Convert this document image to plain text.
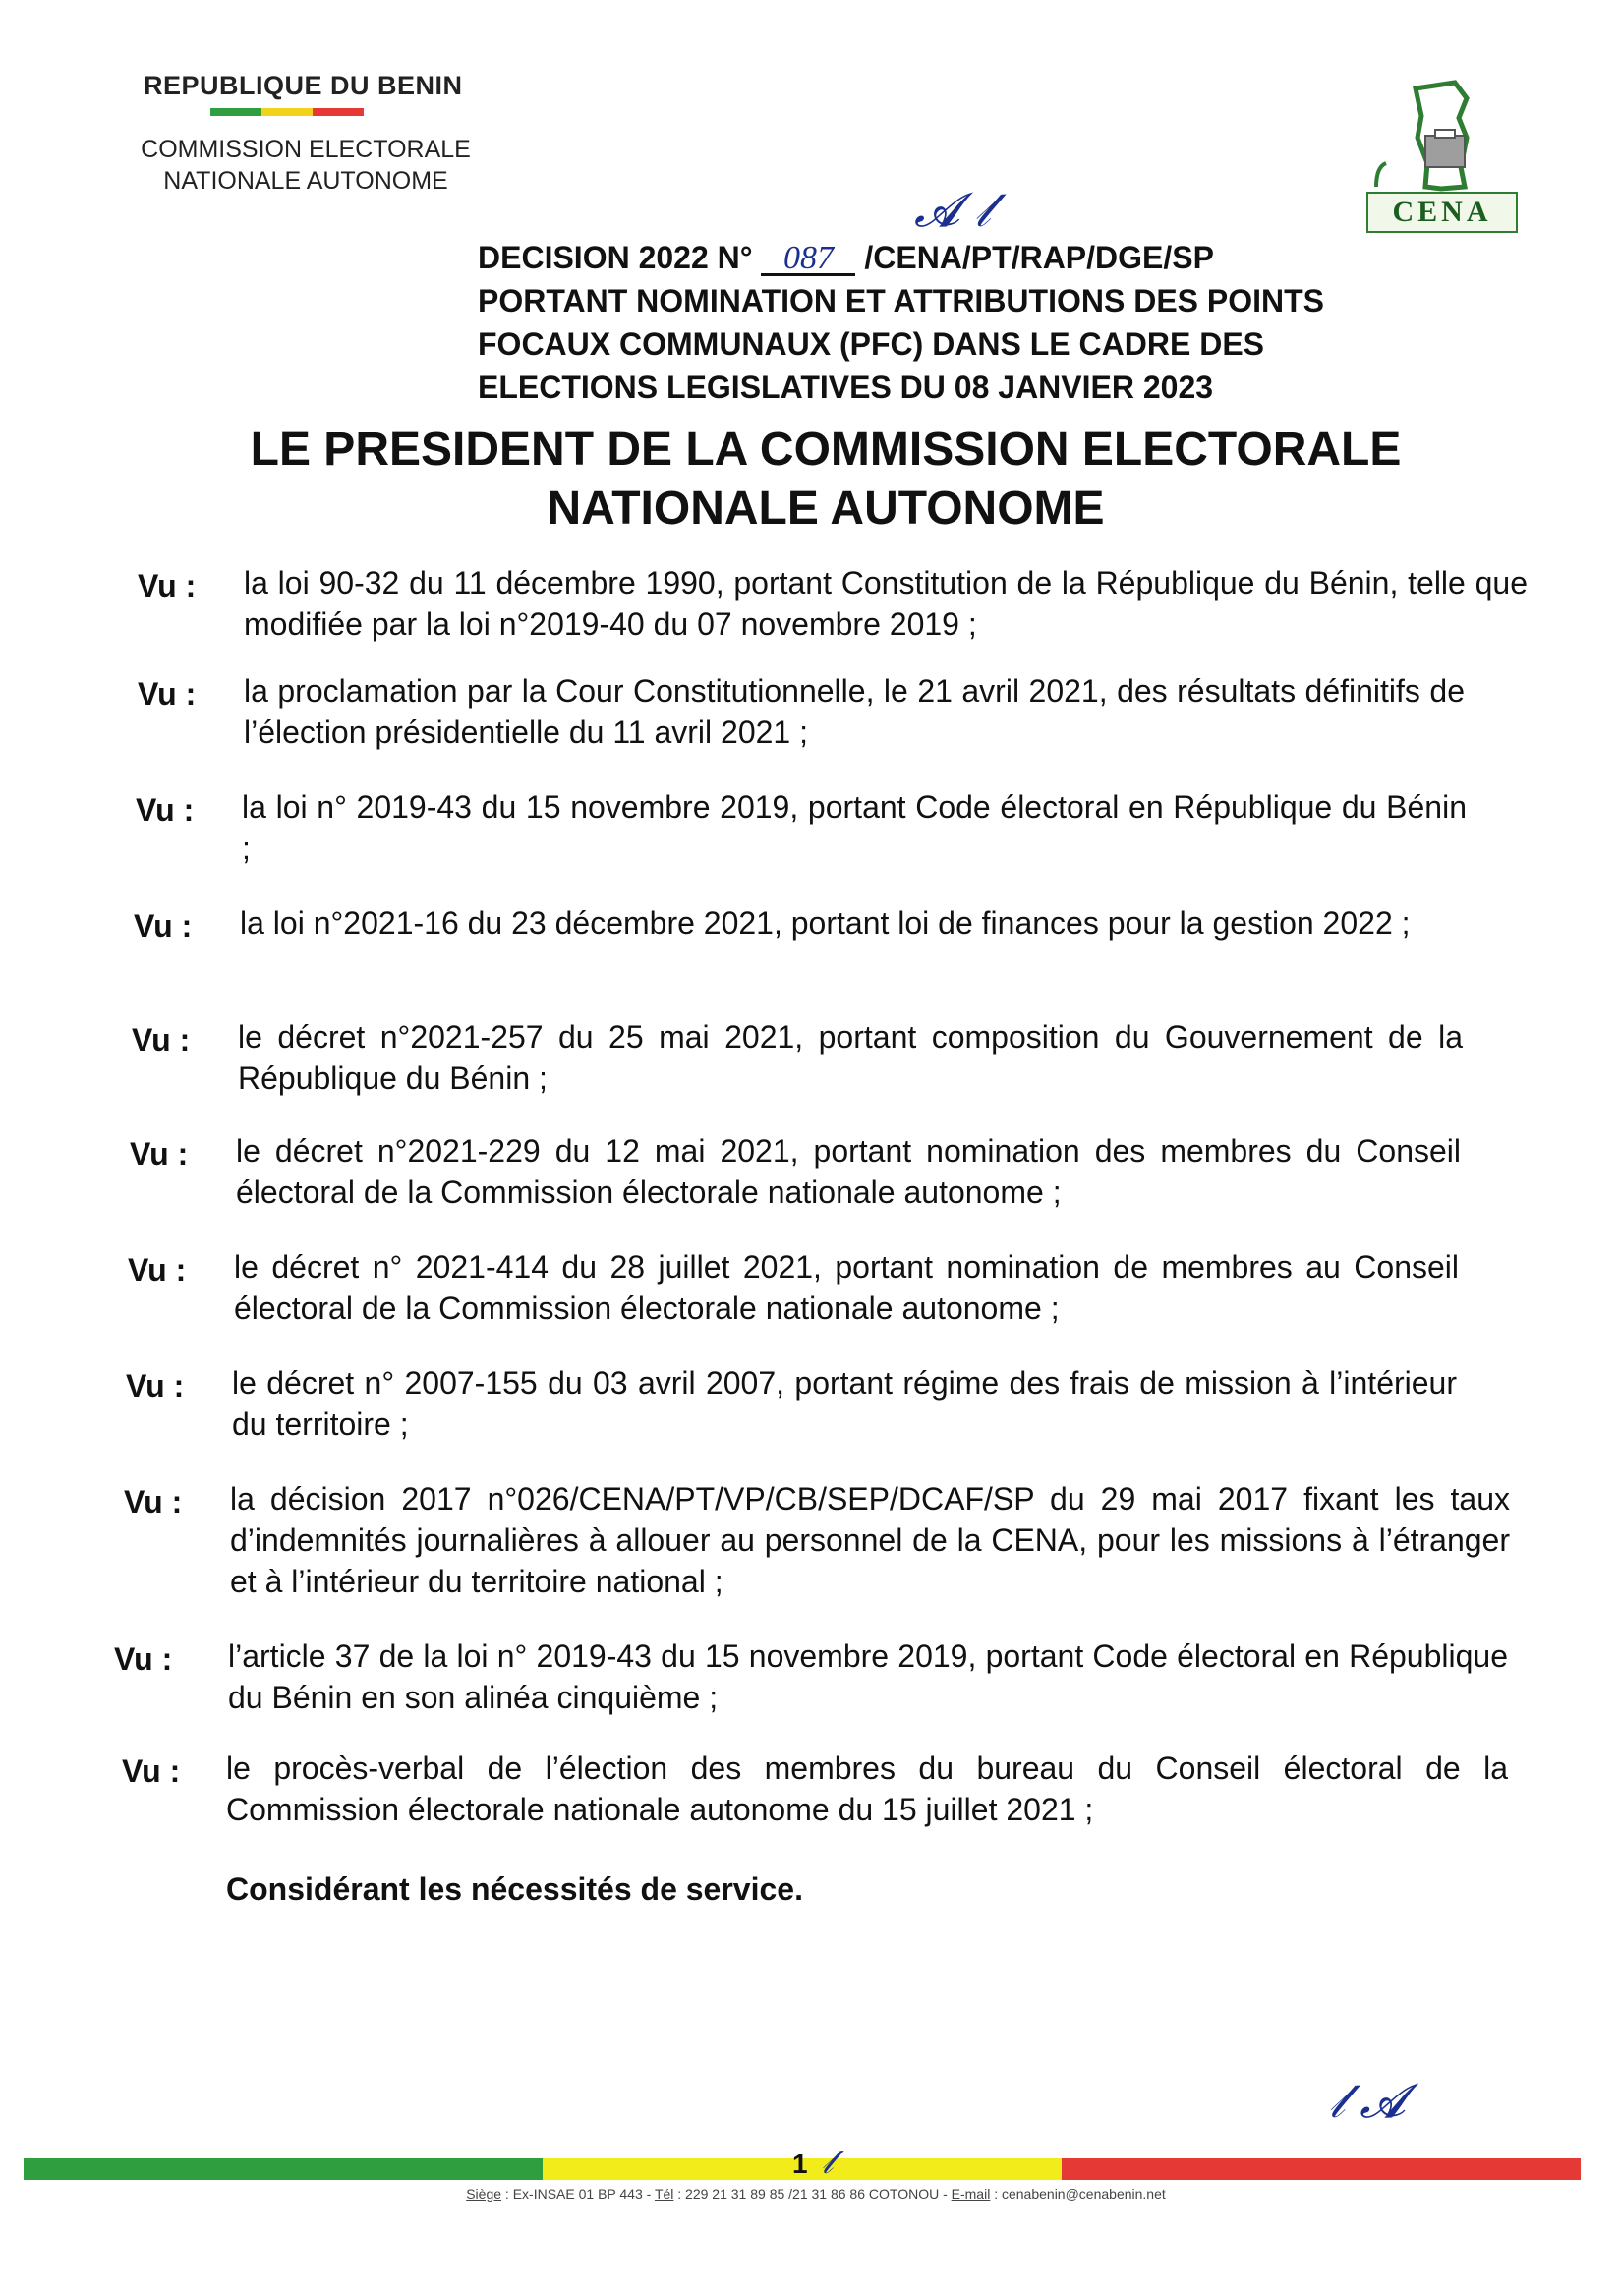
REPUBLIQUE DU BENIN
COMMISSION ELECTORALE
NATIONALE AUTONOME
CENA
𝓐 𝓁
DECISION 2022 N° 087 /CENA/PT/RAP/DGE/SP
PORTANT NOMINATION ET ATTRIBUTIONS DES POINTS
FOCAUX COMMUNAUX (PFC) DANS LE CADRE DES
ELECTIONS LEGISLATIVES DU 08 JANVIER 2023
LE PRESIDENT DE LA COMMISSION ELECTORALE
NATIONALE AUTONOME
Vu : la loi 90-32 du 11 décembre 1990, portant Constitution de la République du Bénin, telle que modifiée par la loi n°2019-40 du 07 novembre 2019 ;
Vu : la proclamation par la Cour Constitutionnelle, le 21 avril 2021, des résultats définitifs de l’élection présidentielle du 11 avril 2021 ;
Vu : la loi n° 2019-43 du 15 novembre 2019, portant Code électoral en République du Bénin ;
Vu : la loi n°2021-16 du 23 décembre 2021, portant loi de finances pour la gestion 2022 ;
Vu : le décret n°2021-257 du 25 mai 2021, portant composition du Gouvernement de la République du Bénin ;
Vu : le décret n°2021-229 du 12 mai 2021, portant nomination des membres du Conseil électoral de la Commission électorale nationale autonome ;
Vu : le décret n° 2021-414 du 28 juillet 2021, portant nomination de membres au Conseil électoral de la Commission électorale nationale autonome ;
Vu : le décret n° 2007-155 du 03 avril 2007, portant régime des frais de mission à l’intérieur du territoire ;
Vu : la décision 2017 n°026/CENA/PT/VP/CB/SEP/DCAF/SP du 29 mai 2017 fixant les taux d’indemnités journalières à allouer au personnel de la CENA, pour les missions à l’étranger et à l’intérieur du territoire national ;
Vu : l’article 37 de la loi n° 2019-43 du 15 novembre 2019, portant Code électoral en République du Bénin en son alinéa cinquième ;
Vu : le procès-verbal de l’élection des membres du bureau du Conseil électoral de la Commission électorale nationale autonome du 15 juillet 2021 ;
Considérant les nécessités de service.
𝓁 𝓐
1 𝓁
Siège : Ex-INSAE 01 BP 443 - Tél : 229 21 31 89 85 /21 31 86 86 COTONOU - E-mail : cenabenin@cenabenin.net
